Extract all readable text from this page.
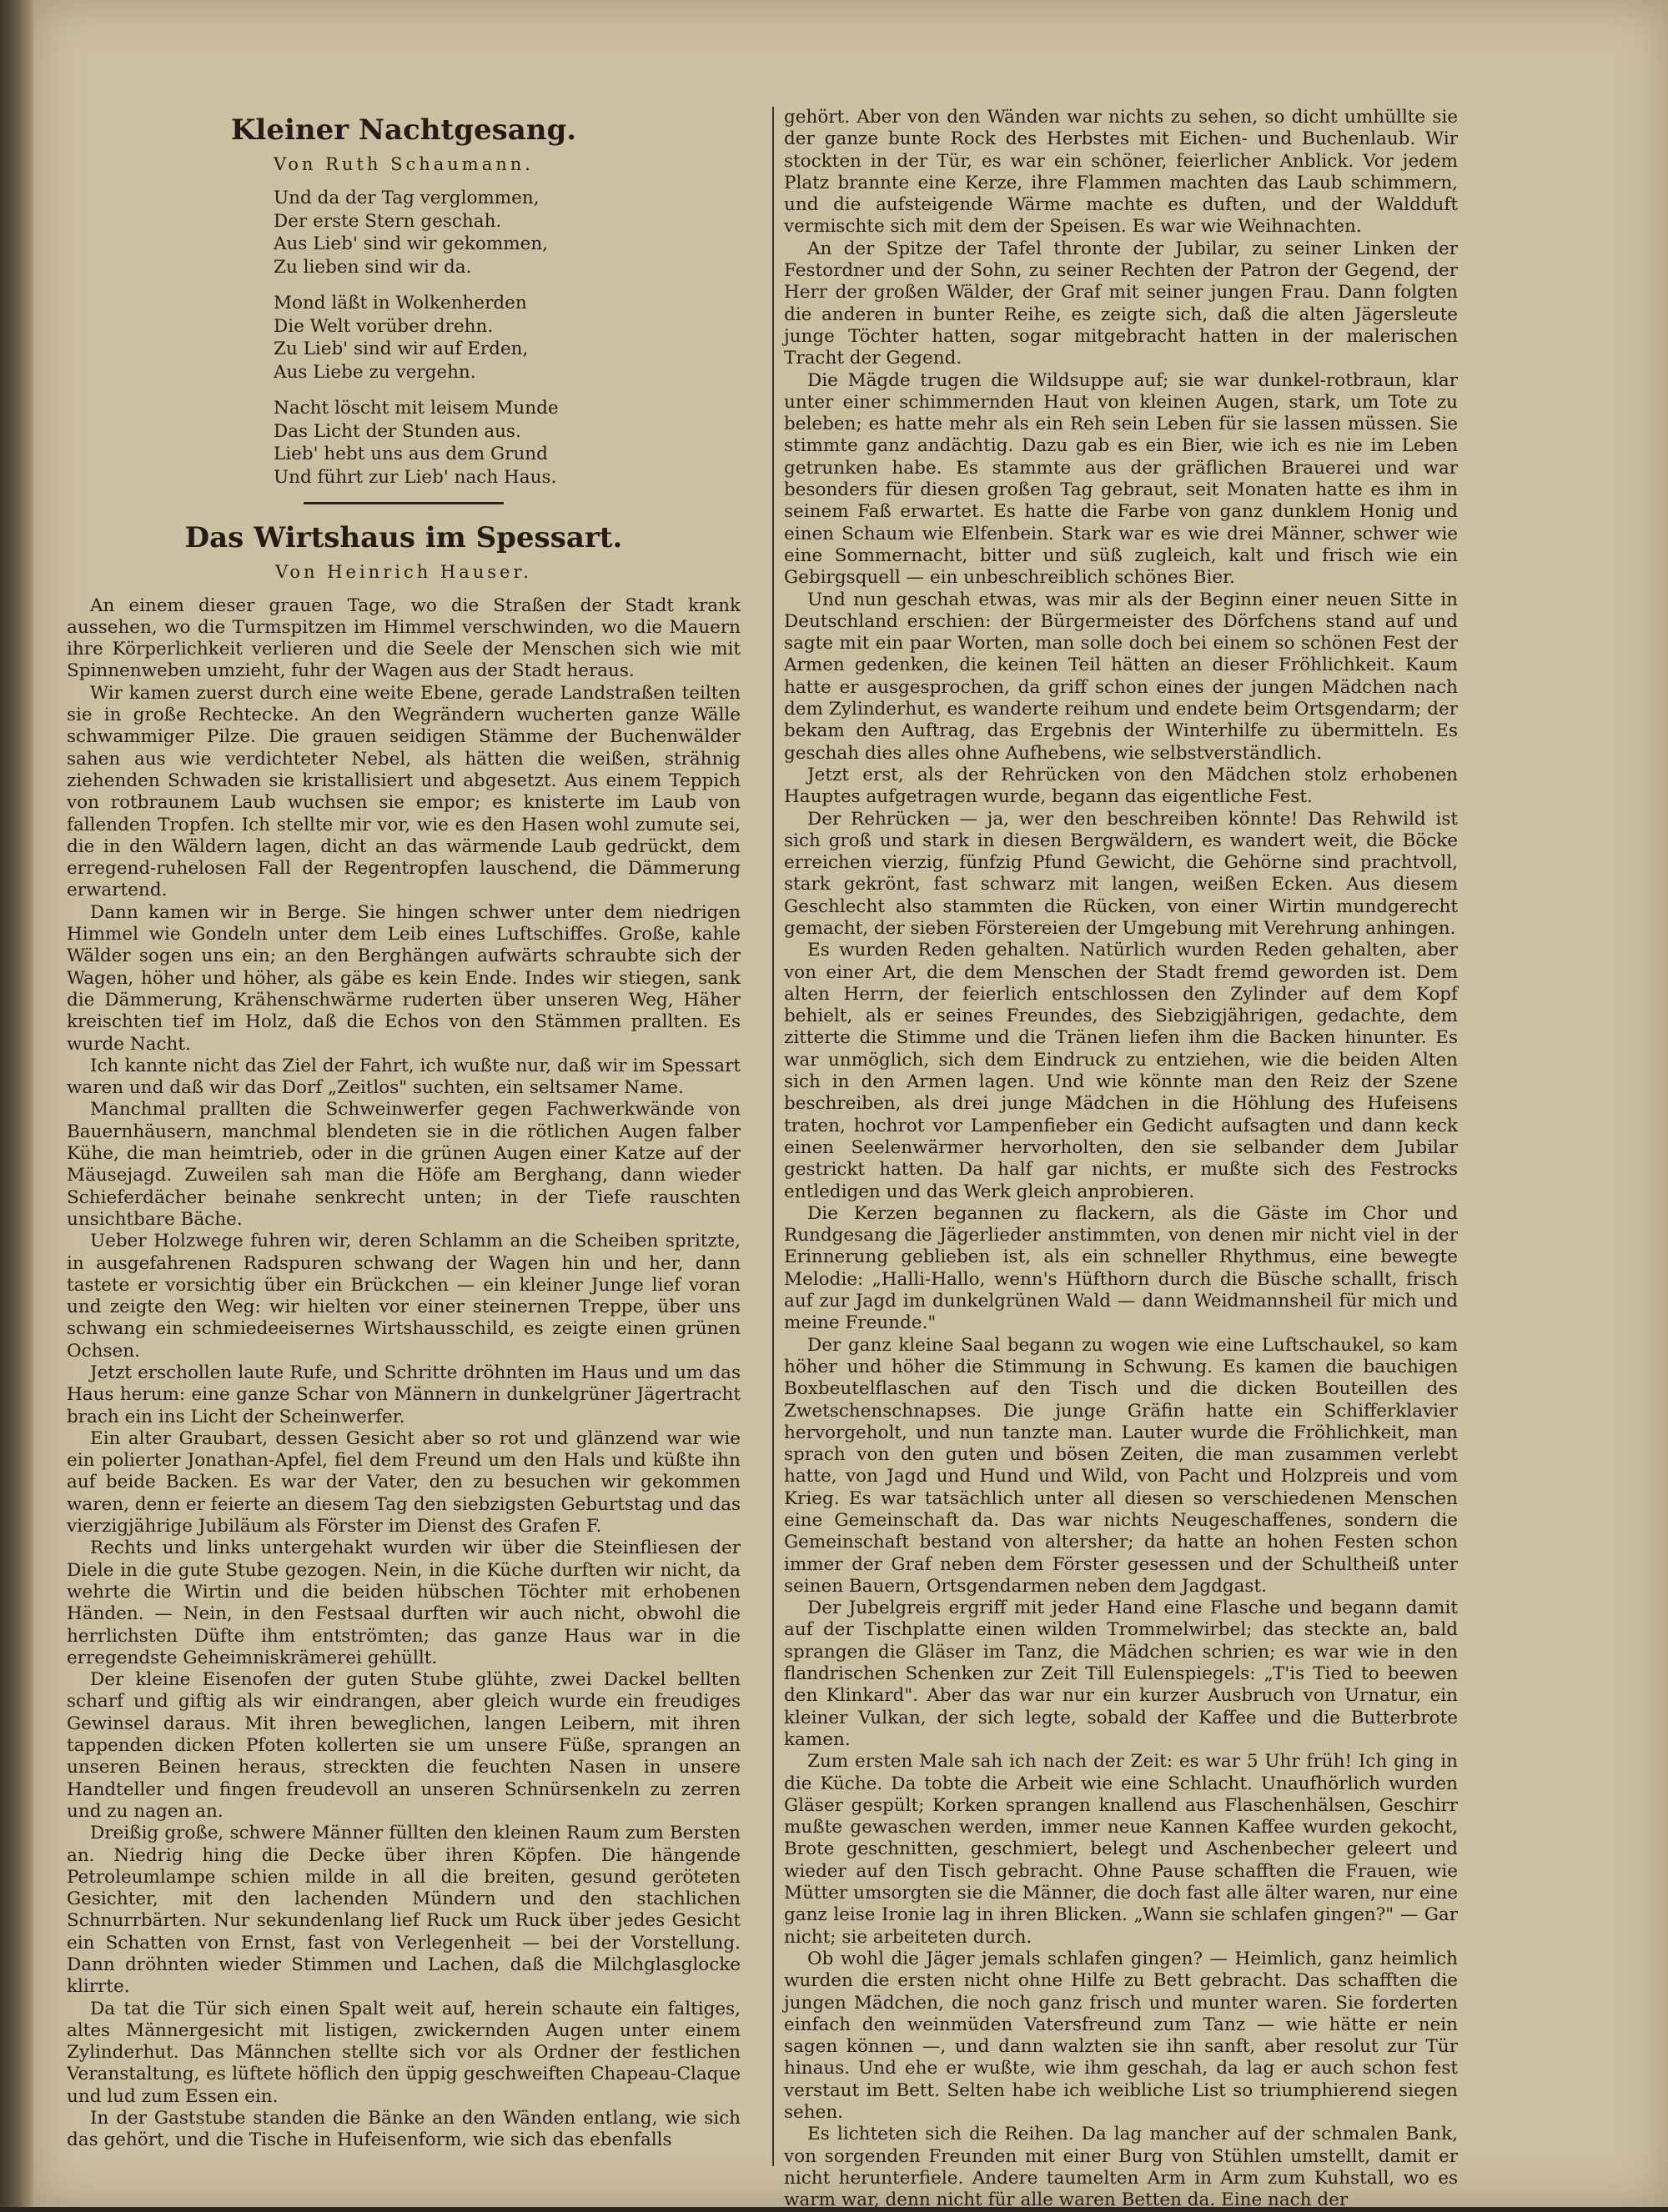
Kleiner Nachtgesang.
Von Ruth Schaumann.
Und da der Tag verglommen,
Der erste Stern geschah.
Aus Lieb' sind wir gekommen,
Zu lieben sind wir da.
Mond läßt in Wolkenherden
Die Welt vorüber drehn.
Zu Lieb' sind wir auf Erden,
Aus Liebe zu vergehn.
Nacht löscht mit leisem Munde
Das Licht der Stunden aus.
Lieb' hebt uns aus dem Grund
Und führt zur Lieb' nach Haus.
Das Wirtshaus im Spessart.
Von Heinrich Hauser.

An einem dieser grauen Tage, wo die Straßen der Stadt krank aussehen, wo die Turmspitzen im Himmel verschwinden, wo die Mauern ihre Körperlichkeit verlieren und die Seele der Menschen sich wie mit Spinnenweben umzieht, fuhr der Wagen aus der Stadt heraus.

Wir kamen zuerst durch eine weite Ebene, gerade Landstraßen teilten sie in große Rechtecke. An den Wegrändern wucherten ganze Wälle schwammiger Pilze. Die grauen seidigen Stämme der Buchenwälder sahen aus wie verdichteter Nebel, als hätten die weißen, strähnig ziehenden Schwaden sie kristallisiert und abgesetzt. Aus einem Teppich von rotbraunem Laub wuchsen sie empor; es knisterte im Laub von fallenden Tropfen. Ich stellte mir vor, wie es den Hasen wohl zumute sei, die in den Wäldern lagen, dicht an das wärmende Laub gedrückt, dem erregend-ruhelosen Fall der Regentropfen lauschend, die Dämmerung erwartend.

Dann kamen wir in Berge. Sie hingen schwer unter dem niedrigen Himmel wie Gondeln unter dem Leib eines Luftschiffes. Große, kahle Wälder sogen uns ein; an den Berghängen aufwärts schraubte sich der Wagen, höher und höher, als gäbe es kein Ende. Indes wir stiegen, sank die Dämmerung, Krähenschwärme ruderten über unseren Weg, Häher kreischten tief im Holz, daß die Echos von den Stämmen prallten. Es wurde Nacht.

Ich kannte nicht das Ziel der Fahrt, ich wußte nur, daß wir im Spessart waren und daß wir das Dorf „Zeitlos" suchten, ein seltsamer Name.

Manchmal prallten die Schweinwerfer gegen Fachwerkwände von Bauernhäusern, manchmal blendeten sie in die rötlichen Augen falber Kühe, die man heimtrieb, oder in die grünen Augen einer Katze auf der Mäusejagd. Zuweilen sah man die Höfe am Berghang, dann wieder Schieferdächer beinahe senkrecht unten; in der Tiefe rauschten unsichtbare Bäche.

Ueber Holzwege fuhren wir, deren Schlamm an die Scheiben spritzte, in ausgefahrenen Radspuren schwang der Wagen hin und her, dann tastete er vorsichtig über ein Brückchen — ein kleiner Junge lief voran und zeigte den Weg: wir hielten vor einer steinernen Treppe, über uns schwang ein schmiedeeisernes Wirtshausschild, es zeigte einen grünen Ochsen.

Jetzt erschollen laute Rufe, und Schritte dröhnten im Haus und um das Haus herum: eine ganze Schar von Männern in dunkelgrüner Jägertracht brach ein ins Licht der Scheinwerfer.

Ein alter Graubart, dessen Gesicht aber so rot und glänzend war wie ein polierter Jonathan-Apfel, fiel dem Freund um den Hals und küßte ihn auf beide Backen. Es war der Vater, den zu besuchen wir gekommen waren, denn er feierte an diesem Tag den siebzigsten Geburtstag und das vierzigjährige Jubiläum als Förster im Dienst des Grafen F.

Rechts und links untergehakt wurden wir über die Steinfliesen der Diele in die gute Stube gezogen. Nein, in die Küche durften wir nicht, da wehrte die Wirtin und die beiden hübschen Töchter mit erhobenen Händen. — Nein, in den Festsaal durften wir auch nicht, obwohl die herrlichsten Düfte ihm entströmten; das ganze Haus war in die erregendste Geheimniskrämerei gehüllt.

Der kleine Eisenofen der guten Stube glühte, zwei Dackel bellten scharf und giftig als wir eindrangen, aber gleich wurde ein freudiges Gewinsel daraus. Mit ihren beweglichen, langen Leibern, mit ihren tappenden dicken Pfoten kollerten sie um unsere Füße, sprangen an unseren Beinen heraus, streckten die feuchten Nasen in unsere Handteller und fingen freudevoll an unseren Schnürsenkeln zu zerren und zu nagen an.

Dreißig große, schwere Männer füllten den kleinen Raum zum Bersten an. Niedrig hing die Decke über ihren Köpfen. Die hängende Petroleumlampe schien milde in all die breiten, gesund geröteten Gesichter, mit den lachenden Mündern und den stachlichen Schnurrbärten. Nur sekundenlang lief Ruck um Ruck über jedes Gesicht ein Schatten von Ernst, fast von Verlegenheit — bei der Vorstellung. Dann dröhnten wieder Stimmen und Lachen, daß die Milchglasglocke klirrte.

Da tat die Tür sich einen Spalt weit auf, herein schaute ein faltiges, altes Männergesicht mit listigen, zwickernden Augen unter einem Zylinderhut. Das Männchen stellte sich vor als Ordner der festlichen Veranstaltung, es lüftete höflich den üppig geschweiften Chapeau-Claque und lud zum Essen ein.

In der Gaststube standen die Bänke an den Wänden entlang, wie sich das gehört, und die Tische in Hufeisenform, wie sich das ebenfalls

gehört. Aber von den Wänden war nichts zu sehen, so dicht umhüllte sie der ganze bunte Rock des Herbstes mit Eichen- und Buchenlaub. Wir stockten in der Tür, es war ein schöner, feierlicher Anblick. Vor jedem Platz brannte eine Kerze, ihre Flammen machten das Laub schimmern, und die aufsteigende Wärme machte es duften, und der Waldduft vermischte sich mit dem der Speisen. Es war wie Weihnachten.

An der Spitze der Tafel thronte der Jubilar, zu seiner Linken der Festordner und der Sohn, zu seiner Rechten der Patron der Gegend, der Herr der großen Wälder, der Graf mit seiner jungen Frau. Dann folgten die anderen in bunter Reihe, es zeigte sich, daß die alten Jägersleute junge Töchter hatten, sogar mitgebracht hatten in der malerischen Tracht der Gegend.

Die Mägde trugen die Wildsuppe auf; sie war dunkel-rotbraun, klar unter einer schimmernden Haut von kleinen Augen, stark, um Tote zu beleben; es hatte mehr als ein Reh sein Leben für sie lassen müssen. Sie stimmte ganz andächtig. Dazu gab es ein Bier, wie ich es nie im Leben getrunken habe. Es stammte aus der gräflichen Brauerei und war besonders für diesen großen Tag gebraut, seit Monaten hatte es ihm in seinem Faß erwartet. Es hatte die Farbe von ganz dunklem Honig und einen Schaum wie Elfenbein. Stark war es wie drei Männer, schwer wie eine Sommernacht, bitter und süß zugleich, kalt und frisch wie ein Gebirgsquell — ein unbeschreiblich schönes Bier.

Und nun geschah etwas, was mir als der Beginn einer neuen Sitte in Deutschland erschien: der Bürgermeister des Dörfchens stand auf und sagte mit ein paar Worten, man solle doch bei einem so schönen Fest der Armen gedenken, die keinen Teil hätten an dieser Fröhlichkeit. Kaum hatte er ausgesprochen, da griff schon eines der jungen Mädchen nach dem Zylinderhut, es wanderte reihum und endete beim Ortsgendarm; der bekam den Auftrag, das Ergebnis der Winterhilfe zu übermitteln. Es geschah dies alles ohne Aufhebens, wie selbstverständlich.

Jetzt erst, als der Rehrücken von den Mädchen stolz erhobenen Hauptes aufgetragen wurde, begann das eigentliche Fest.

Der Rehrücken — ja, wer den beschreiben könnte! Das Rehwild ist sich groß und stark in diesen Bergwäldern, es wandert weit, die Böcke erreichen vierzig, fünfzig Pfund Gewicht, die Gehörne sind prachtvoll, stark gekrönt, fast schwarz mit langen, weißen Ecken. Aus diesem Geschlecht also stammten die Rücken, von einer Wirtin mundgerecht gemacht, der sieben Förstereien der Umgebung mit Verehrung anhingen.

Es wurden Reden gehalten. Natürlich wurden Reden gehalten, aber von einer Art, die dem Menschen der Stadt fremd geworden ist. Dem alten Herrn, der feierlich entschlossen den Zylinder auf dem Kopf behielt, als er seines Freundes, des Siebzigjährigen, gedachte, dem zitterte die Stimme und die Tränen liefen ihm die Backen hinunter. Es war unmöglich, sich dem Eindruck zu entziehen, wie die beiden Alten sich in den Armen lagen. Und wie könnte man den Reiz der Szene beschreiben, als drei junge Mädchen in die Höhlung des Hufeisens traten, hochrot vor Lampenfieber ein Gedicht aufsagten und dann keck einen Seelenwärmer hervorholten, den sie selbander dem Jubilar gestrickt hatten. Da half gar nichts, er mußte sich des Festrocks entledigen und das Werk gleich anprobieren.

Die Kerzen begannen zu flackern, als die Gäste im Chor und Rundgesang die Jägerlieder anstimmten, von denen mir nicht viel in der Erinnerung geblieben ist, als ein schneller Rhythmus, eine bewegte Melodie: „Halli-Hallo, wenn's Hüfthorn durch die Büsche schallt, frisch auf zur Jagd im dunkelgrünen Wald — dann Weidmannsheil für mich und meine Freunde."

Der ganz kleine Saal begann zu wogen wie eine Luftschaukel, so kam höher und höher die Stimmung in Schwung. Es kamen die bauchigen Boxbeutelflaschen auf den Tisch und die dicken Bouteillen des Zwetschenschnapses. Die junge Gräfin hatte ein Schifferklavier hervorgeholt, und nun tanzte man. Lauter wurde die Fröhlichkeit, man sprach von den guten und bösen Zeiten, die man zusammen verlebt hatte, von Jagd und Hund und Wild, von Pacht und Holzpreis und vom Krieg. Es war tatsächlich unter all diesen so verschiedenen Menschen eine Gemeinschaft da. Das war nichts Neugeschaffenes, sondern die Gemeinschaft bestand von altersher; da hatte an hohen Festen schon immer der Graf neben dem Förster gesessen und der Schultheiß unter seinen Bauern, Ortsgendarmen neben dem Jagdgast.

Der Jubelgreis ergriff mit jeder Hand eine Flasche und begann damit auf der Tischplatte einen wilden Trommelwirbel; das steckte an, bald sprangen die Gläser im Tanz, die Mädchen schrien; es war wie in den flandrischen Schenken zur Zeit Till Eulenspiegels: „T'is Tied to beewen den Klinkard". Aber das war nur ein kurzer Ausbruch von Urnatur, ein kleiner Vulkan, der sich legte, sobald der Kaffee und die Butterbrote kamen.

Zum ersten Male sah ich nach der Zeit: es war 5 Uhr früh! Ich ging in die Küche. Da tobte die Arbeit wie eine Schlacht. Unaufhörlich wurden Gläser gespült; Korken sprangen knallend aus Flaschenhälsen, Geschirr mußte gewaschen werden, immer neue Kannen Kaffee wurden gekocht, Brote geschnitten, geschmiert, belegt und Aschenbecher geleert und wieder auf den Tisch gebracht. Ohne Pause schafften die Frauen, wie Mütter umsorgten sie die Männer, die doch fast alle älter waren, nur eine ganz leise Ironie lag in ihren Blicken. „Wann sie schlafen gingen?" — Gar nicht; sie arbeiteten durch.

Ob wohl die Jäger jemals schlafen gingen? — Heimlich, ganz heimlich wurden die ersten nicht ohne Hilfe zu Bett gebracht. Das schafften die jungen Mädchen, die noch ganz frisch und munter waren. Sie forderten einfach den weinmüden Vatersfreund zum Tanz — wie hätte er nein sagen können —, und dann walzten sie ihn sanft, aber resolut zur Tür hinaus. Und ehe er wußte, wie ihm geschah, da lag er auch schon fest verstaut im Bett. Selten habe ich weibliche List so triumphierend siegen sehen.

Es lichteten sich die Reihen. Da lag mancher auf der schmalen Bank, von sorgenden Freunden mit einer Burg von Stühlen umstellt, damit er nicht herunterfiele. Andere taumelten Arm in Arm zum Kuhstall, wo es warm war, denn nicht für alle waren Betten da. Eine nach der
